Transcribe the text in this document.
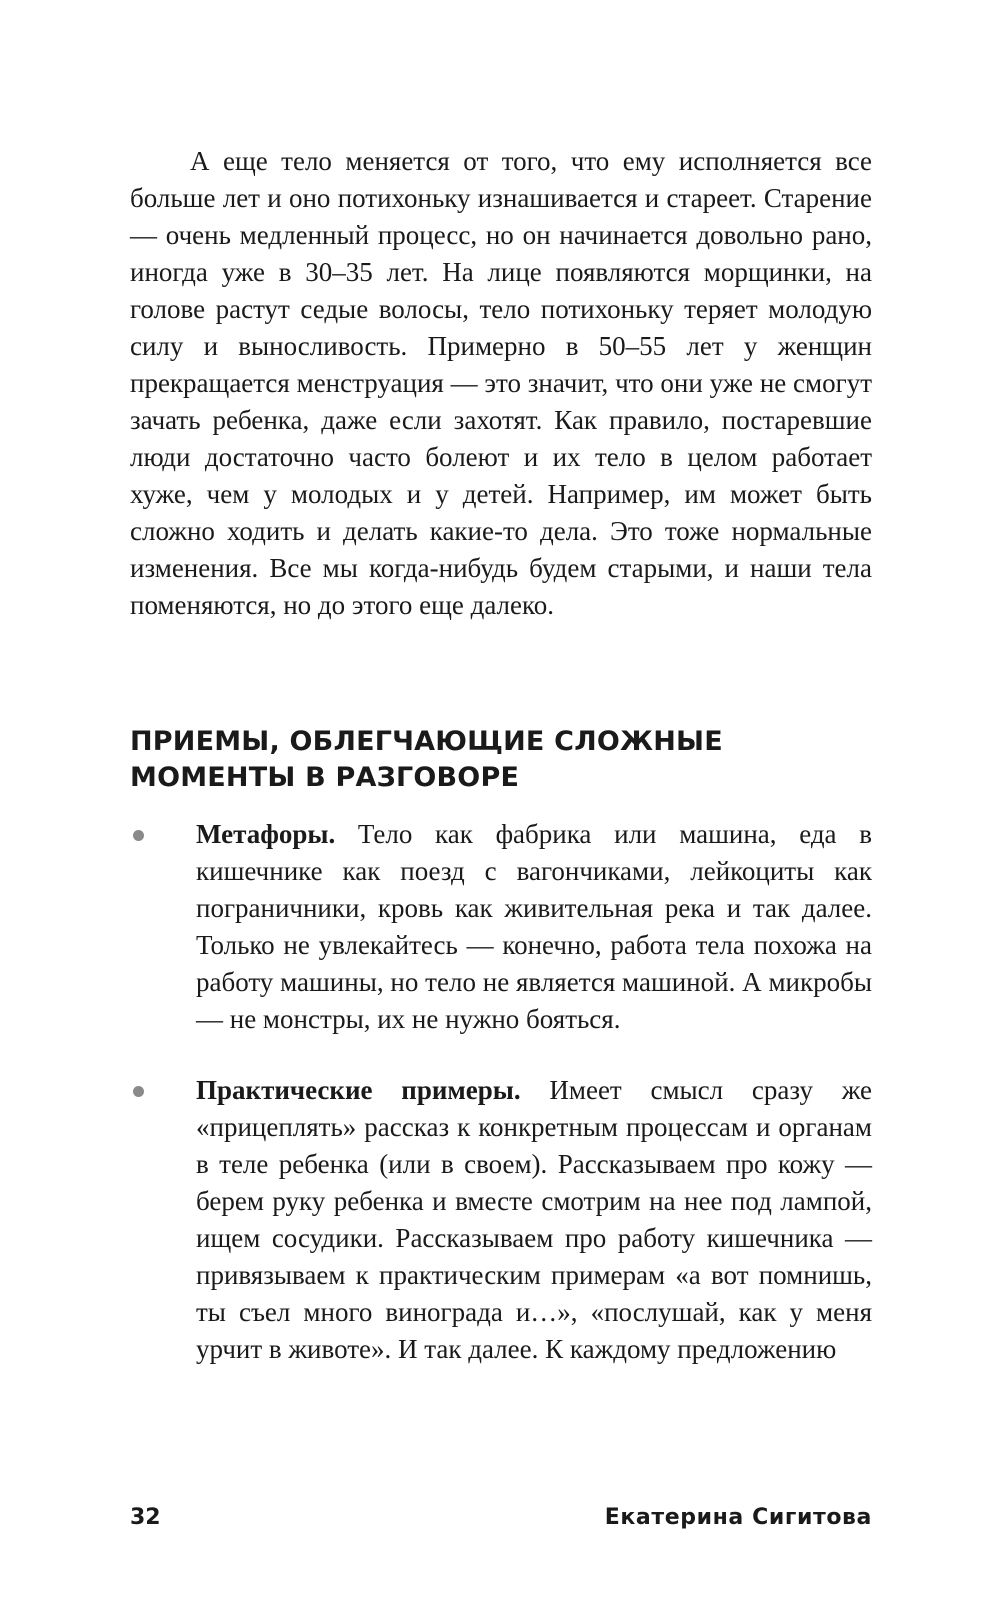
А еще тело меняется от того, что ему исполняется все больше лет и оно потихоньку изнашивается и стареет. Старение — очень медленный процесс, но он начинается довольно рано, иногда уже в 30–35 лет. На лице появляются морщинки, на голове растут седые волосы, тело потихоньку теряет молодую силу и выносливость. Примерно в 50–55 лет у женщин прекращается менструация — это значит, что они уже не смогут зачать ребенка, даже если захотят. Как правило, постаревшие люди достаточно часто болеют и их тело в целом работает хуже, чем у молодых и у детей. Например, им может быть сложно ходить и делать какие-то дела. Это тоже нормальные изменения. Все мы когда-нибудь будем старыми, и наши тела поменяются, но до этого еще далеко.

ПРИЕМЫ, ОБЛЕГЧАЮЩИЕ СЛОЖНЫЕ МОМЕНТЫ В РАЗГОВОРЕ
Метафоры. Тело как фабрика или машина, еда в кишечнике как поезд с вагончиками, лейкоциты как пограничники, кровь как живительная река и так далее. Только не увлекайтесь — конечно, работа тела похожа на работу машины, но тело не является машиной. А микробы — не монстры, их не нужно бояться.
Практические примеры. Имеет смысл сразу же «прицеплять» рассказ к конкретным процессам и органам в теле ребенка (или в своем). Рассказываем про кожу — берем руку ребенка и вместе смотрим на нее под лампой, ищем сосудики. Рассказываем про работу кишечника — привязываем к практическим примерам «а вот помнишь, ты съел много винограда и…», «послушай, как у меня урчит в животе». И так далее. К каждому предложению
32	Екатерина Сигитова
